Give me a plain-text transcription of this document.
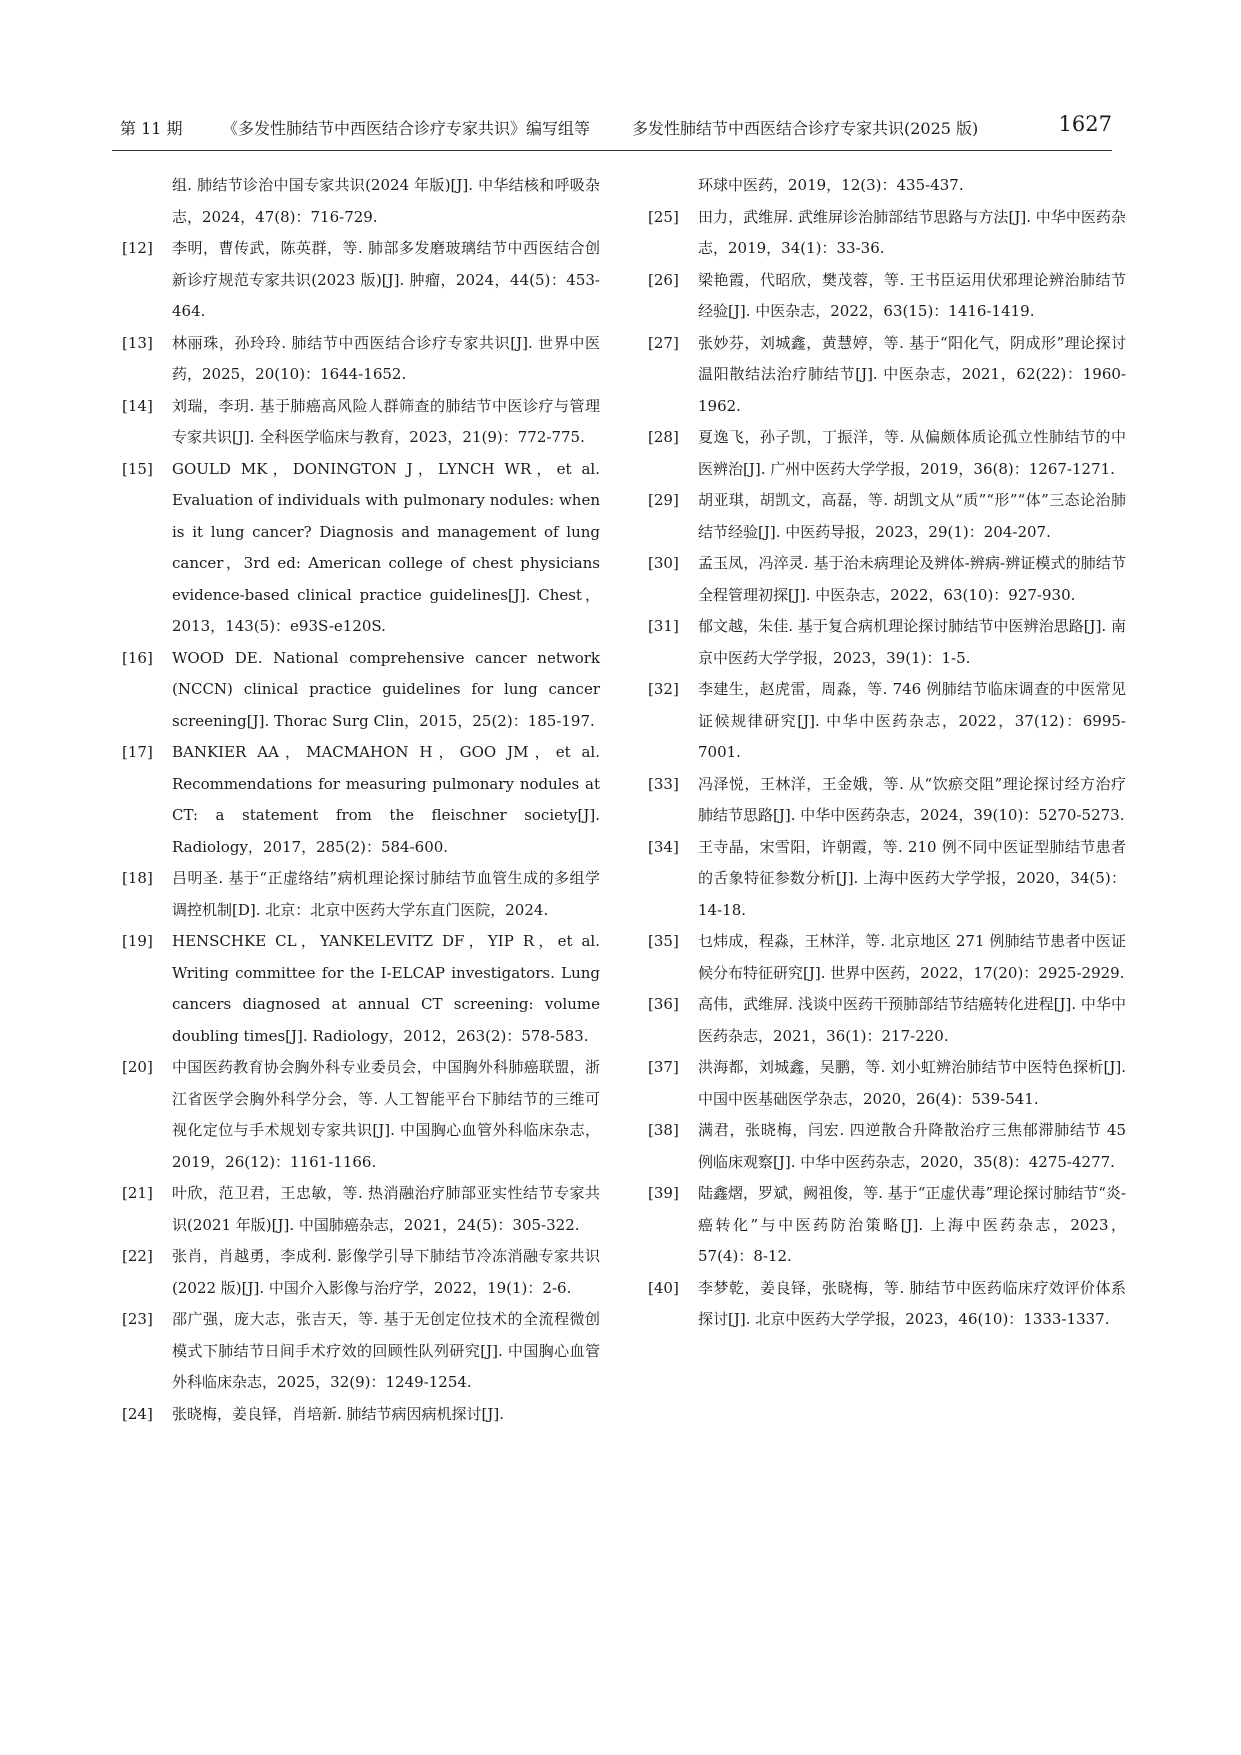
第 11 期 《多发性肺结节中西医结合诊疗专家共识》编写组等	多发性肺结节中西医结合诊疗专家共识(2025 版)	1627
组. 肺结节诊治中国专家共识(2024 年版)[J]. 中华结核和呼吸杂志，2024，47(8)：716-729.
[12]	李明，曹传武，陈英群，等. 肺部多发磨玻璃结节中西医结合创新诊疗规范专家共识(2023 版)[J]. 肿瘤，2024，44(5)：453-464.
[13]	林丽珠，孙玲玲. 肺结节中西医结合诊疗专家共识[J]. 世界中医药，2025，20(10)：1644-1652.
[14]	刘瑞，李玥. 基于肺癌高风险人群筛查的肺结节中医诊疗与管理专家共识[J]. 全科医学临床与教育，2023，21(9)：772-775.
[15]	GOULD MK，DONINGTON J，LYNCH WR，et al. Evaluation of individuals with pulmonary nodules: when is it lung cancer? Diagnosis and management of lung cancer，3rd ed: American college of chest physicians evidence-based clinical practice guidelines[J]. Chest，2013，143(5)：e93S-e120S.
[16]	WOOD DE. National comprehensive cancer network (NCCN) clinical practice guidelines for lung cancer screening[J]. Thorac Surg Clin，2015，25(2)：185-197.
[17]	BANKIER AA，MACMAHON H，GOO JM，et al. Recommendations for measuring pulmonary nodules at CT: a statement from the fleischner society[J]. Radiology，2017，285(2)：584-600.
[18]	吕明圣. 基于“正虚络结”病机理论探讨肺结节血管生成的多组学调控机制[D]. 北京：北京中医药大学东直门医院，2024.
[19]	HENSCHKE CL，YANKELEVITZ DF，YIP R，et al. Writing committee for the I-ELCAP investigators. Lung cancers diagnosed at annual CT screening: volume doubling times[J]. Radiology，2012，263(2)：578-583.
[20]	中国医药教育协会胸外科专业委员会，中国胸外科肺癌联盟，浙江省医学会胸外科学分会，等. 人工智能平台下肺结节的三维可视化定位与手术规划专家共识[J]. 中国胸心血管外科临床杂志，2019，26(12)：1161-1166.
[21]	叶欣，范卫君，王忠敏，等. 热消融治疗肺部亚实性结节专家共识(2021 年版)[J]. 中国肺癌杂志，2021，24(5)：305-322.
[22]	张肖，肖越勇，李成利. 影像学引导下肺结节冷冻消融专家共识(2022 版)[J]. 中国介入影像与治疗学，2022，19(1)：2-6.
[23]	邵广强，庞大志，张吉天，等. 基于无创定位技术的全流程微创模式下肺结节日间手术疗效的回顾性队列研究[J]. 中国胸心血管外科临床杂志，2025，32(9)：1249-1254.
[24]	张晓梅，姜良铎，肖培新. 肺结节病因病机探讨[J].
环球中医药，2019，12(3)：435-437.
[25]	田力，武维屏. 武维屏诊治肺部结节思路与方法[J]. 中华中医药杂志，2019，34(1)：33-36.
[26]	梁艳霞，代昭欣，樊茂蓉，等. 王书臣运用伏邪理论辨治肺结节经验[J]. 中医杂志，2022，63(15)：1416-1419.
[27]	张妙芬，刘城鑫，黄慧婷，等. 基于“阳化气，阴成形”理论探讨温阳散结法治疗肺结节[J]. 中医杂志，2021，62(22)：1960-1962.
[28]	夏逸飞，孙子凯，丁振洋，等. 从偏颇体质论孤立性肺结节的中医辨治[J]. 广州中医药大学学报，2019，36(8)：1267-1271.
[29]	胡亚琪，胡凯文，高磊，等. 胡凯文从“质”“形”“体”三态论治肺结节经验[J]. 中医药导报，2023，29(1)：204-207.
[30]	孟玉凤，冯淬灵. 基于治未病理论及辨体-辨病-辨证模式的肺结节全程管理初探[J]. 中医杂志，2022，63(10)：927-930.
[31]	郁文越，朱佳. 基于复合病机理论探讨肺结节中医辨治思路[J]. 南京中医药大学学报，2023，39(1)：1-5.
[32]	李建生，赵虎雷，周淼，等. 746 例肺结节临床调查的中医常见证候规律研究[J]. 中华中医药杂志，2022，37(12)：6995-7001.
[33]	冯泽悦，王林洋，王金娥，等. 从“饮瘀交阻”理论探讨经方治疗肺结节思路[J]. 中华中医药杂志，2024，39(10)：5270-5273.
[34]	王寺晶，宋雪阳，许朝霞，等. 210 例不同中医证型肺结节患者的舌象特征参数分析[J]. 上海中医药大学学报，2020，34(5)：14-18.
[35]	乜炜成，程淼，王林洋，等. 北京地区 271 例肺结节患者中医证候分布特征研究[J]. 世界中医药，2022，17(20)：2925-2929.
[36]	高伟，武维屏. 浅谈中医药干预肺部结节结癌转化进程[J]. 中华中医药杂志，2021，36(1)：217-220.
[37]	洪海都，刘城鑫，吴鹏，等. 刘小虹辨治肺结节中医特色探析[J]. 中国中医基础医学杂志，2020，26(4)：539-541.
[38]	满君，张晓梅，闫宏. 四逆散合升降散治疗三焦郁滞肺结节 45 例临床观察[J]. 中华中医药杂志，2020，35(8)：4275-4277.
[39]	陆鑫熠，罗斌，阙祖俊，等. 基于“正虚伏毒”理论探讨肺结节“炎-癌转化”与中医药防治策略[J]. 上海中医药杂志，2023，57(4)：8-12.
[40]	李梦乾，姜良铎，张晓梅，等. 肺结节中医药临床疗效评价体系探讨[J]. 北京中医药大学学报，2023，46(10)：1333-1337.
